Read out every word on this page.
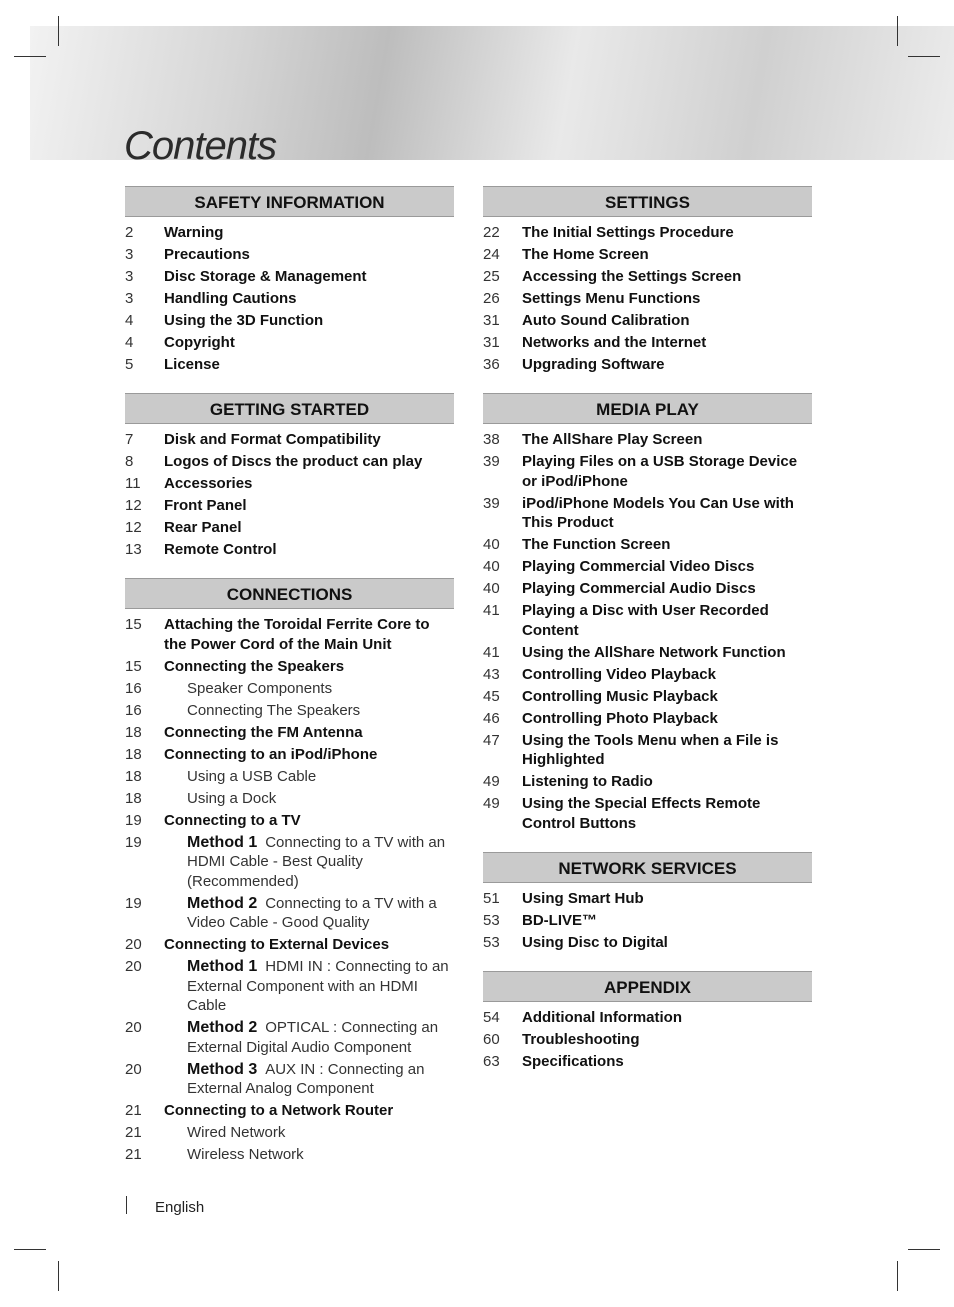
Contents
SAFETY INFORMATION
2	Warning
3	Precautions
3	Disc Storage & Management
3	Handling Cautions
4	Using the 3D Function
4	Copyright
5	License
GETTING STARTED
7	Disk and Format Compatibility
8	Logos of Discs the product can play
11	Accessories
12	Front Panel
12	Rear Panel
13	Remote Control
CONNECTIONS
15	Attaching the Toroidal Ferrite Core to the Power Cord of the Main Unit
15	Connecting the Speakers
16	Speaker Components
16	Connecting The Speakers
18	Connecting the FM Antenna
18	Connecting to an iPod/iPhone
18	Using a USB Cable
18	Using a Dock
19	Connecting to a TV
19	Method 1 Connecting to a TV with an HDMI Cable - Best Quality (Recommended)
19	Method 2 Connecting to a TV with a Video Cable - Good Quality
20	Connecting to External Devices
20	Method 1 HDMI IN : Connecting to an External Component with an HDMI Cable
20	Method 2 OPTICAL : Connecting an External Digital Audio Component
20	Method 3 AUX IN : Connecting an External Analog Component
21	Connecting to a Network Router
21	Wired Network
21	Wireless Network
SETTINGS
22	The Initial Settings Procedure
24	The Home Screen
25	Accessing the Settings Screen
26	Settings Menu Functions
31	Auto Sound Calibration
31	Networks and the Internet
36	Upgrading Software
MEDIA PLAY
38	The AllShare Play Screen
39	Playing Files on a USB Storage Device or iPod/iPhone
39	iPod/iPhone Models You Can Use with This Product
40	The Function Screen
40	Playing Commercial Video Discs
40	Playing Commercial Audio Discs
41	Playing a Disc with User Recorded Content
41	Using the AllShare Network Function
43	Controlling Video Playback
45	Controlling Music Playback
46	Controlling Photo Playback
47	Using the Tools Menu when a File is Highlighted
49	Listening to Radio
49	Using the Special Effects Remote Control Buttons
NETWORK SERVICES
51	Using Smart Hub
53	BD-LIVE™
53	Using Disc to Digital
APPENDIX
54	Additional Information
60	Troubleshooting
63	Specifications
English
